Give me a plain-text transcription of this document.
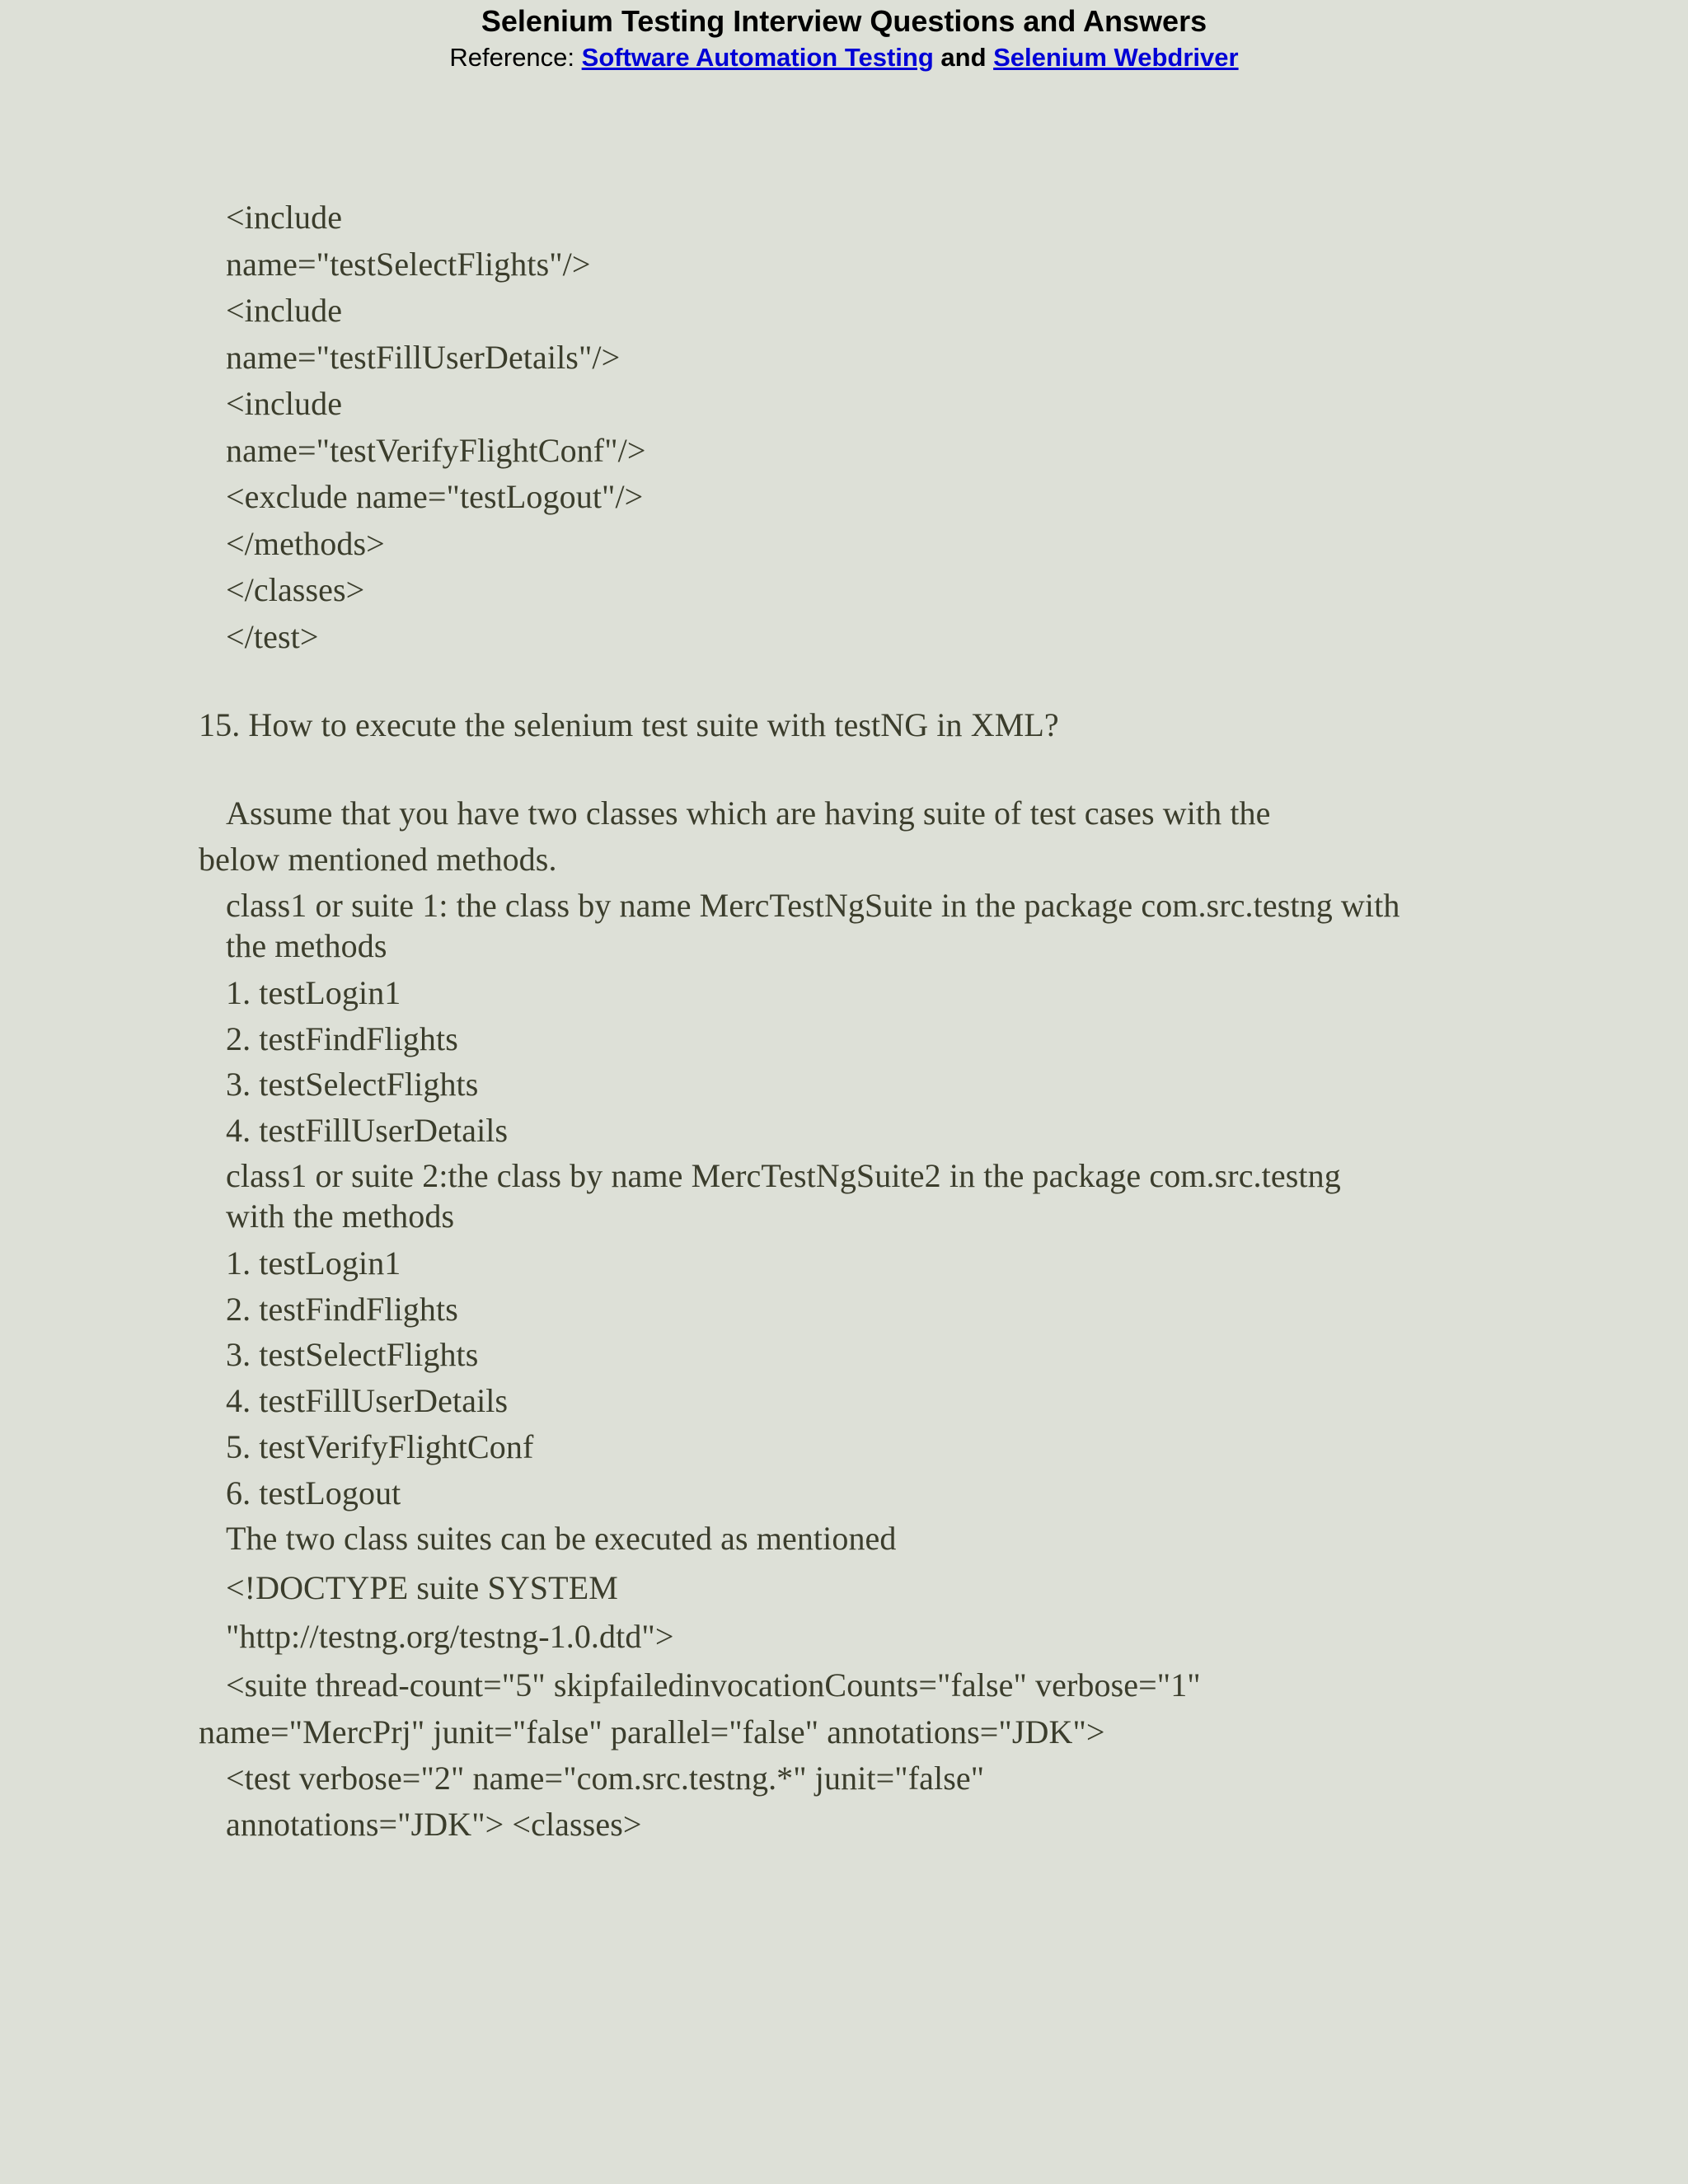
Selenium Testing Interview Questions and Answers
Reference: Software Automation Testing and Selenium Webdriver
<include
name="testSelectFlights"/>
<include
name="testFillUserDetails"/>
<include
name="testVerifyFlightConf"/>
<exclude name="testLogout"/>
</methods>
</classes>
</test>
15. How to execute the selenium test suite with testNG in XML?
Assume that you have two classes which are having suite of test cases with the
below mentioned methods.
class1 or suite 1: the class by name MercTestNgSuite in the package com.src.testng with
the methods
1. testLogin1
2. testFindFlights
3. testSelectFlights
4. testFillUserDetails
class1 or suite 2:the class by name MercTestNgSuite2 in the package com.src.testng
with the methods
1. testLogin1
2. testFindFlights
3. testSelectFlights
4. testFillUserDetails
5. testVerifyFlightConf
6. testLogout
The two class suites can be executed as mentioned
<!DOCTYPE suite SYSTEM
"http://testng.org/testng-1.0.dtd">
<suite thread-count="5" skipfailedinvocationCounts="false" verbose="1"
name="MercPrj" junit="false" parallel="false" annotations="JDK">
<test verbose="2" name="com.src.testng.*" junit="false"
annotations="JDK"> <classes>
